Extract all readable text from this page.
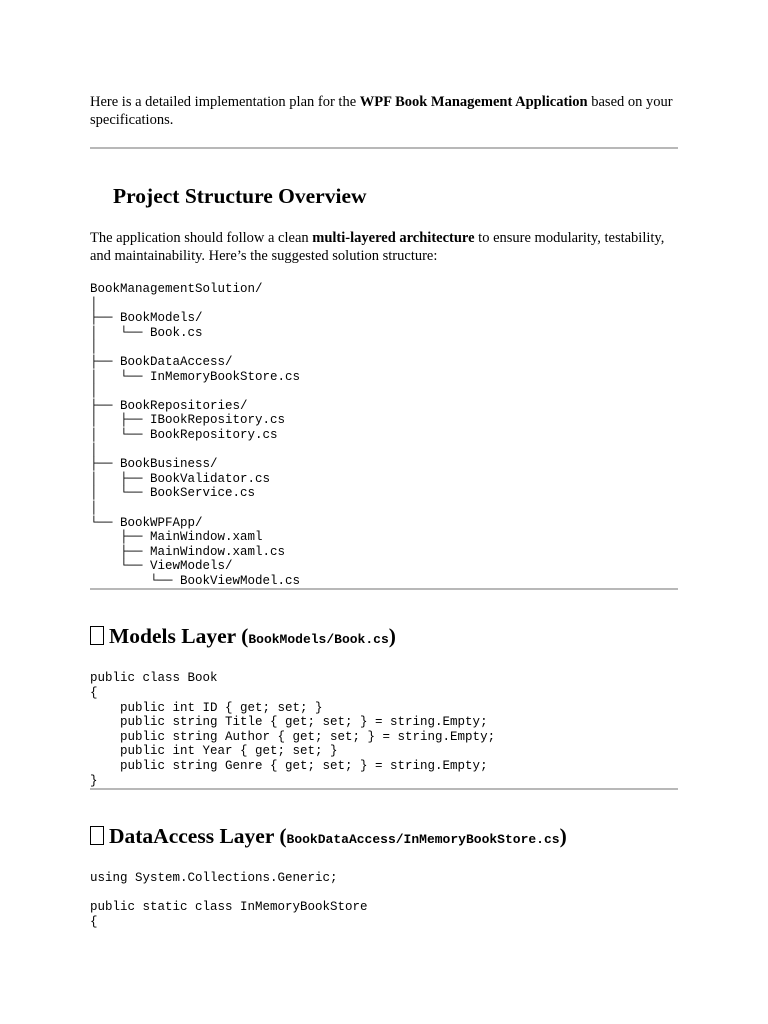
Here is a detailed implementation plan for the WPF Book Management Application based on your specifications.

Project Structure Overview

The application should follow a clean multi-layered architecture to ensure modularity, testability, and maintainability. Here’s the suggested solution structure:

BookManagementSolution/
│
├── BookModels/
│   └── Book.cs
│
├── BookDataAccess/
│   └── InMemoryBookStore.cs
│
├── BookRepositories/
│   ├── IBookRepository.cs
│   └── BookRepository.cs
│
├── BookBusiness/
│   ├── BookValidator.cs
│   └── BookService.cs
│
└── BookWPFApp/
├── MainWindow.xaml
├── MainWindow.xaml.cs
└── ViewModels/
└── BookViewModel.cs
Models Layer (BookModels/Book.cs)
public class Book
{
public int ID { get; set; }
public string Title { get; set; } = string.Empty;
public string Author { get; set; } = string.Empty;
public int Year { get; set; }
public string Genre { get; set; } = string.Empty;
}
DataAccess Layer (BookDataAccess/InMemoryBookStore.cs)
using System.Collections.Generic;

public static class InMemoryBookStore
{
